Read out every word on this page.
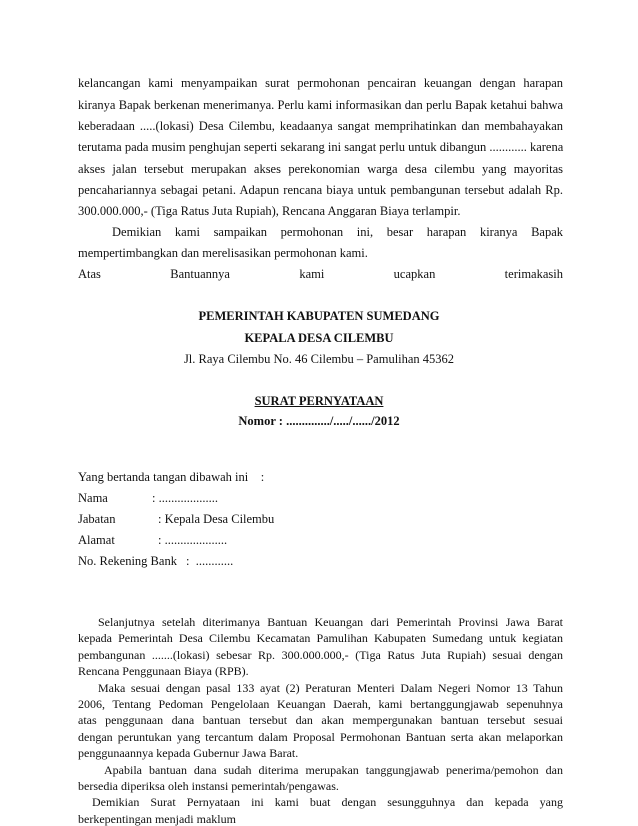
kelancangan kami menyampaikan surat permohonan pencairan keuangan dengan harapan
kiranya Bapak berkenan menerimanya. Perlu kami informasikan dan perlu Bapak ketahui bahwa
keberadaan .....(lokasi) Desa Cilembu, keadaanya sangat memprihatinkan dan membahayakan
terutama pada musim penghujan seperti sekarang ini sangat perlu untuk dibangun ............ karena
akses jalan tersebut merupakan akses perekonomian warga desa cilembu yang mayoritas
pencahariannya sebagai petani. Adapun rencana biaya untuk pembangunan tersebut adalah Rp.
300.000.000,- (Tiga Ratus Juta Rupiah), Rencana Anggaran Biaya terlampir.
Demikian kami sampaikan permohonan ini, besar harapan kiranya Bapak
mempertimbangkan dan merelisasikan permohonan kami.
Atas Bantuannya kami ucapkan terimakasih
PEMERINTAH KABUPATEN SUMEDANG
KEPALA DESA CILEMBU
Jl. Raya Cilembu No. 46 Cilembu – Pamulihan 45362
SURAT PERNYATAAN
Nomor : ............../...../....../2012
Yang bertanda tangan dibawah ini    :
Nama	: ...................
Jabatan	: Kepala Desa Cilembu
Alamat	: ....................
No. Rekening Bank :  ............
Selanjutnya setelah diterimanya Bantuan Keuangan dari Pemerintah Provinsi Jawa Barat
kepada Pemerintah Desa Cilembu Kecamatan Pamulihan Kabupaten Sumedang untuk kegiatan
pembangunan .......(lokasi) sebesar Rp. 300.000.000,- (Tiga Ratus Juta Rupiah) sesuai dengan
Rencana Penggunaan Biaya (RPB).
Maka sesuai dengan pasal 133 ayat (2) Peraturan Menteri Dalam Negeri Nomor 13 Tahun
2006, Tentang Pedoman Pengelolaan Keuangan Daerah, kami bertanggungjawab sepenuhnya
atas penggunaan dana bantuan tersebut dan akan mempergunakan bantuan tersebut sesuai
dengan peruntukan yang tercantum dalam Proposal Permohonan Bantuan serta akan melaporkan
penggunaannya kepada Gubernur Jawa Barat.
Apabila bantuan dana sudah diterima merupakan tanggungjawab penerima/pemohon dan
bersedia diperiksa oleh instansi pemerintah/pengawas.
Demikian Surat Pernyataan ini kami buat dengan sesungguhnya dan kepada yang
berkepentingan menjadi maklum
